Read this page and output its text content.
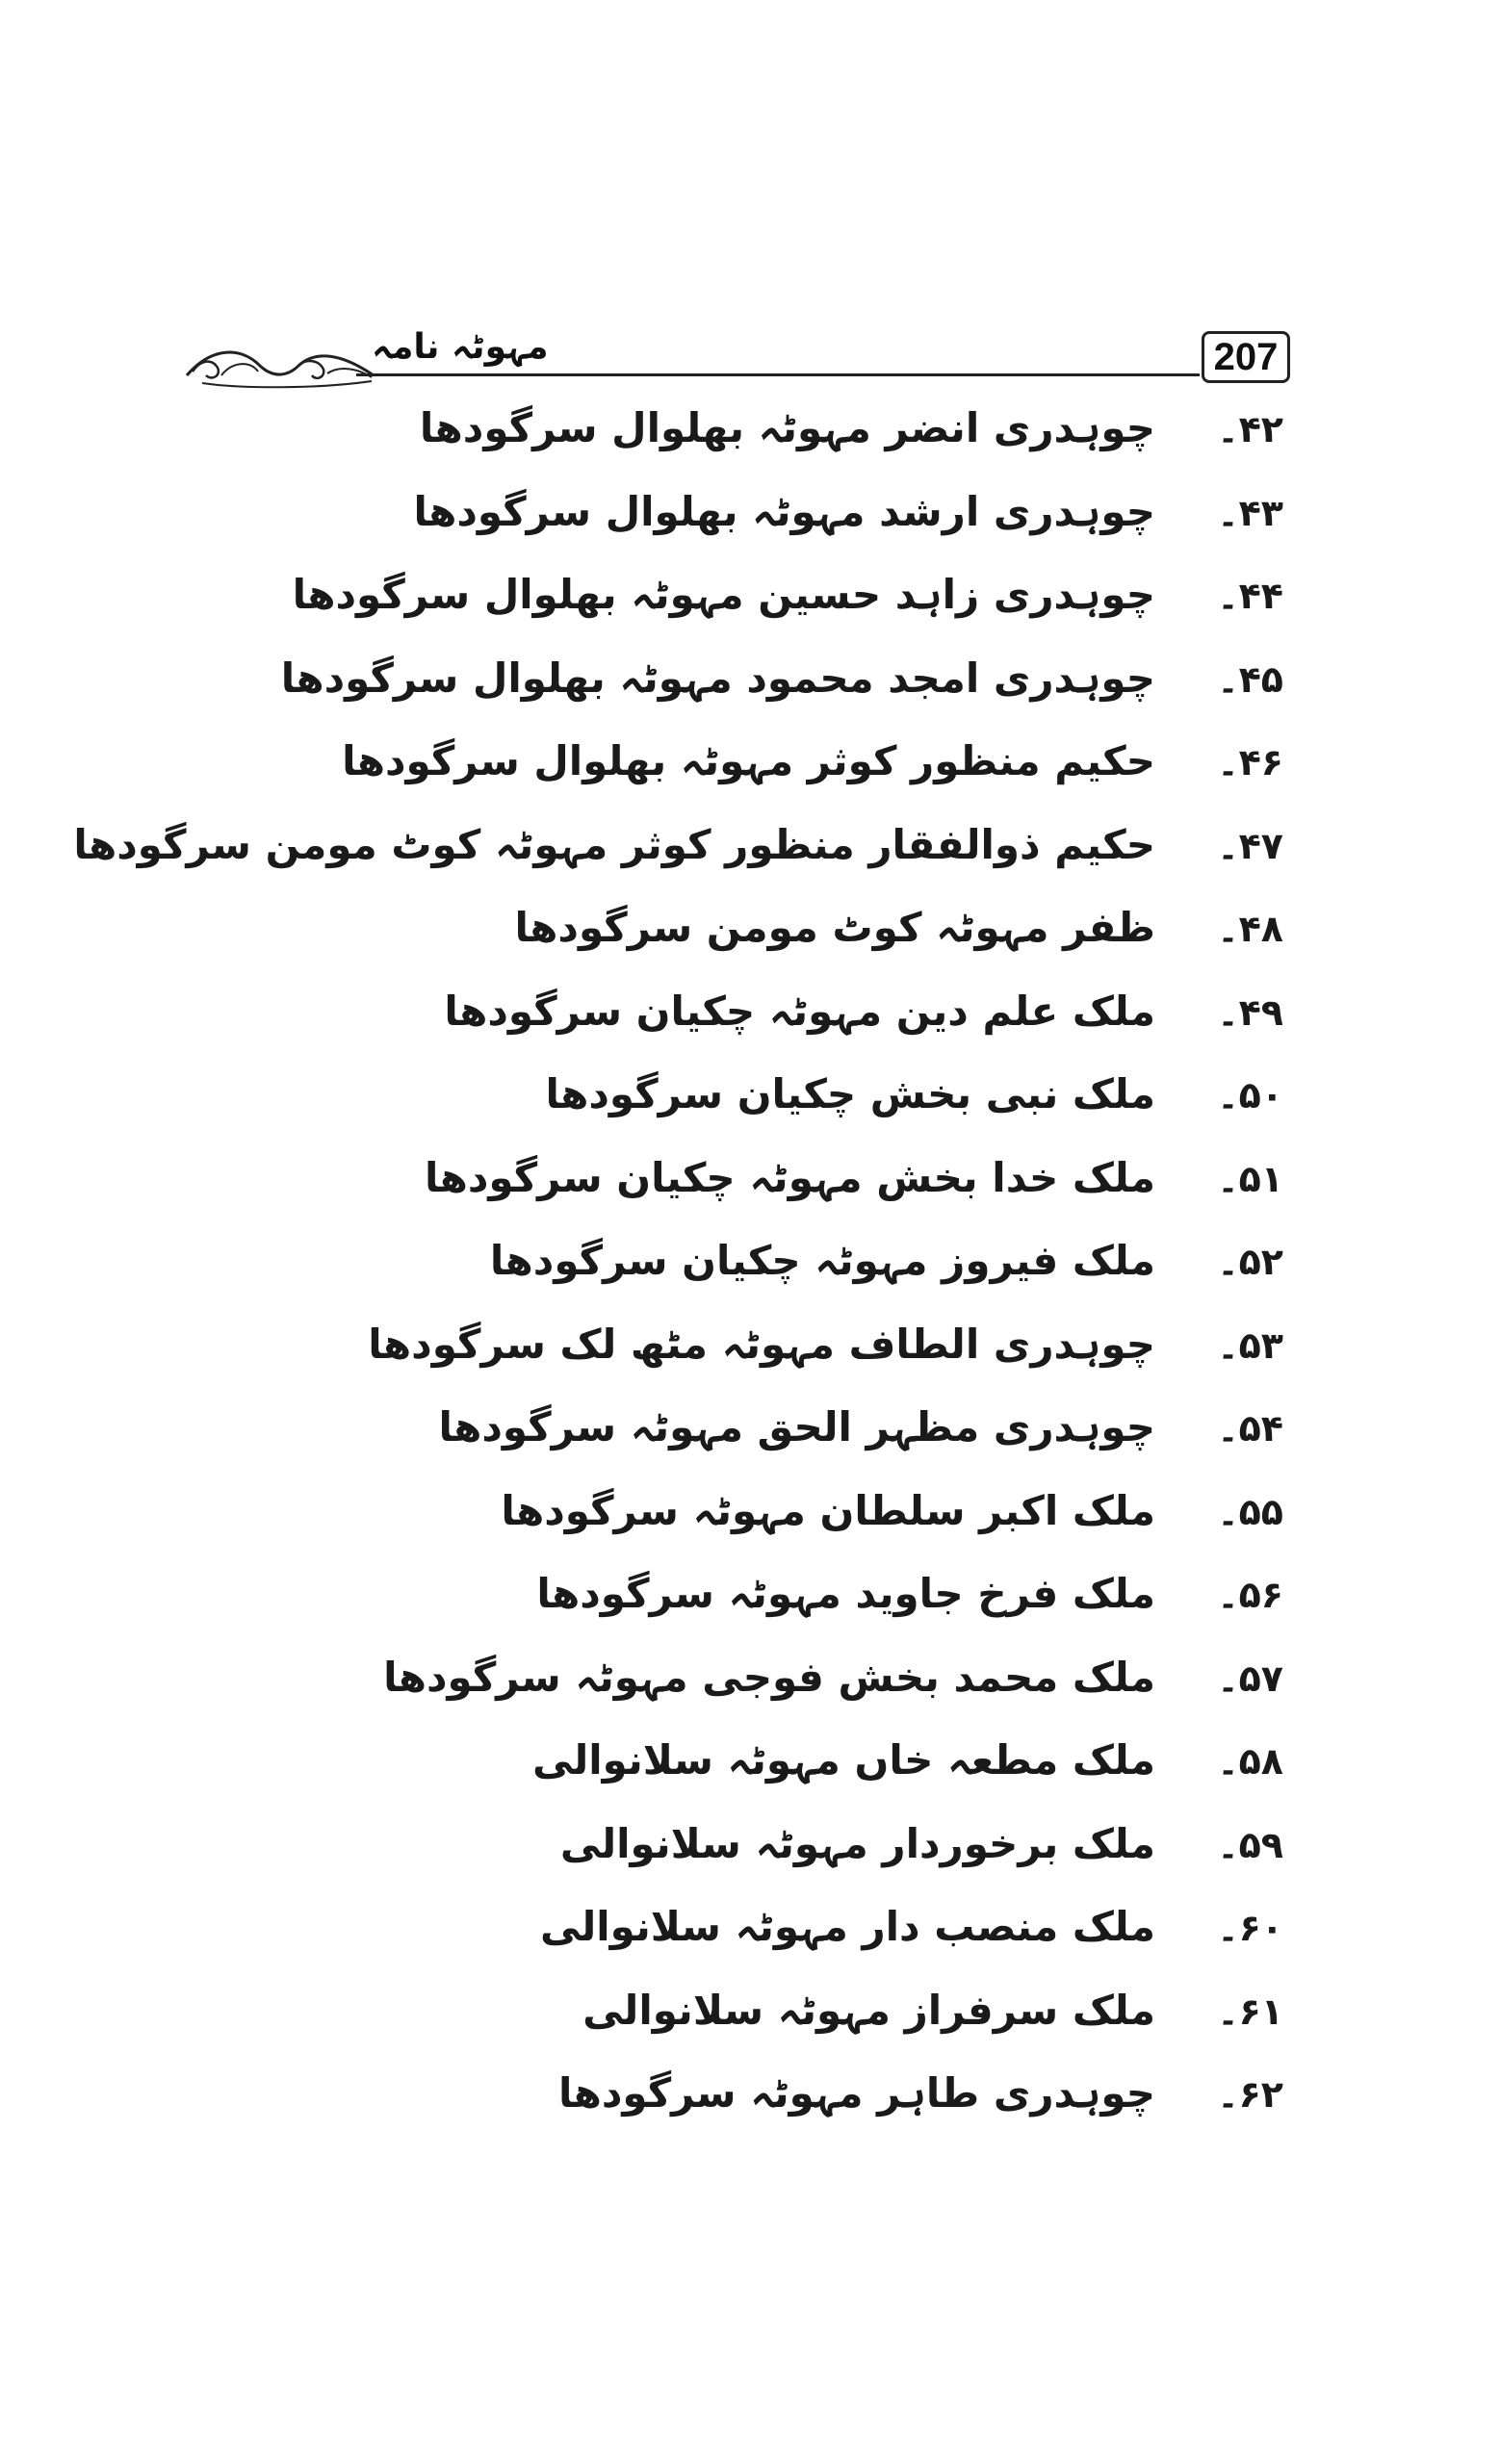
مہوٹہ نامہ	207
۴۲۔
چوہدری انضر مہوٹہ بھلوال سرگودھا
۴۳۔
چوہدری ارشد مہوٹہ بھلوال سرگودھا
۴۴۔
چوہدری زاہد حسین مہوٹہ بھلوال سرگودھا
۴۵۔
چوہدری امجد محمود مہوٹہ بھلوال سرگودھا
۴۶۔
حکیم منظور کوثر مہوٹہ بھلوال سرگودھا
۴۷۔
حکیم ذوالفقار منظور کوثر مہوٹہ کوٹ مومن سرگودھا
۴۸۔
ظفر مہوٹہ کوٹ مومن سرگودھا
۴۹۔
ملک علم دین مہوٹہ چکیان سرگودھا
۵۰۔
ملک نبی بخش چکیان سرگودھا
۵۱۔
ملک خدا بخش مہوٹہ چکیان سرگودھا
۵۲۔
ملک فیروز مہوٹہ چکیان سرگودھا
۵۳۔
چوہدری الطاف مہوٹہ مٹھ لک سرگودھا
۵۴۔
چوہدری مظہر الحق مہوٹہ سرگودھا
۵۵۔
ملک اکبر سلطان مہوٹہ سرگودھا
۵۶۔
ملک فرخ جاوید مہوٹہ سرگودھا
۵۷۔
ملک محمد بخش فوجی مہوٹہ سرگودھا
۵۸۔
ملک مطعہ خاں مہوٹہ سلانوالی
۵۹۔
ملک برخوردار مہوٹہ سلانوالی
۶۰۔
ملک منصب دار مہوٹہ سلانوالی
۶۱۔
ملک سرفراز مہوٹہ سلانوالی
۶۲۔
چوہدری طاہر مہوٹہ سرگودھا
